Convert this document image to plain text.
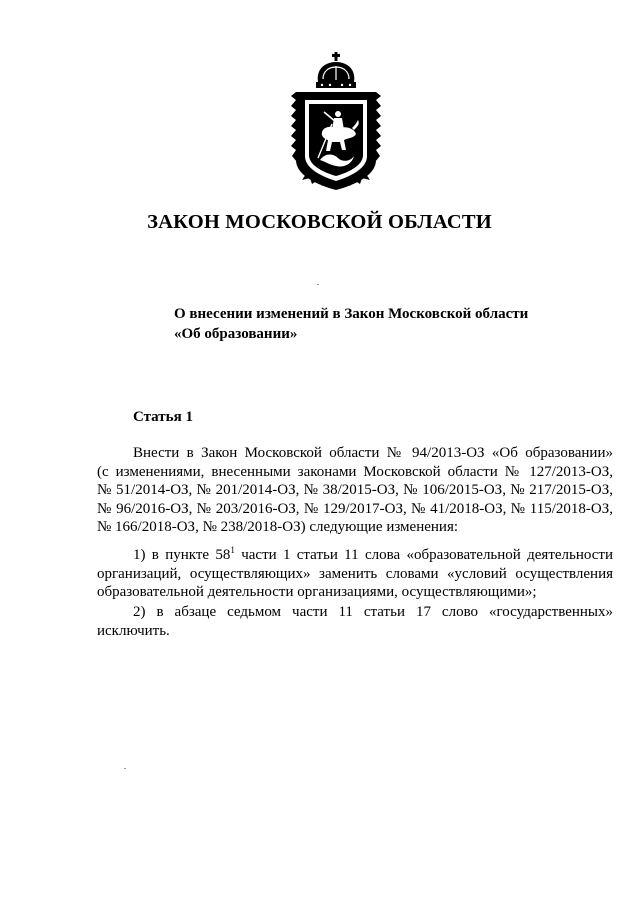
ЗАКОН МОСКОВСКОЙ ОБЛАСТИ
О внесении изменений в Закон Московской области
«Об образовании»
Статья 1
Внести в Закон Московской области № 94/2013-ОЗ «Об образовании»
(с изменениями, внесенными законами Московской области № 127/2013-ОЗ,
№ 51/2014-ОЗ, № 201/2014-ОЗ, № 38/2015-ОЗ, № 106/2015-ОЗ, № 217/2015-ОЗ,
№ 96/2016-ОЗ, № 203/2016-ОЗ, № 129/2017-ОЗ, № 41/2018-ОЗ, № 115/2018-ОЗ,
№ 166/2018-ОЗ, № 238/2018-ОЗ) следующие изменения:
1) в пункте $58^1$ части 1 статьи 11 слова «образовательной деятельности
организаций, осуществляющих» заменить словами «условий осуществления
образовательной деятельности организациями, осуществляющими»;
2) в абзаце седьмом части 11 статьи 17 слово «государственных»
исключить.
